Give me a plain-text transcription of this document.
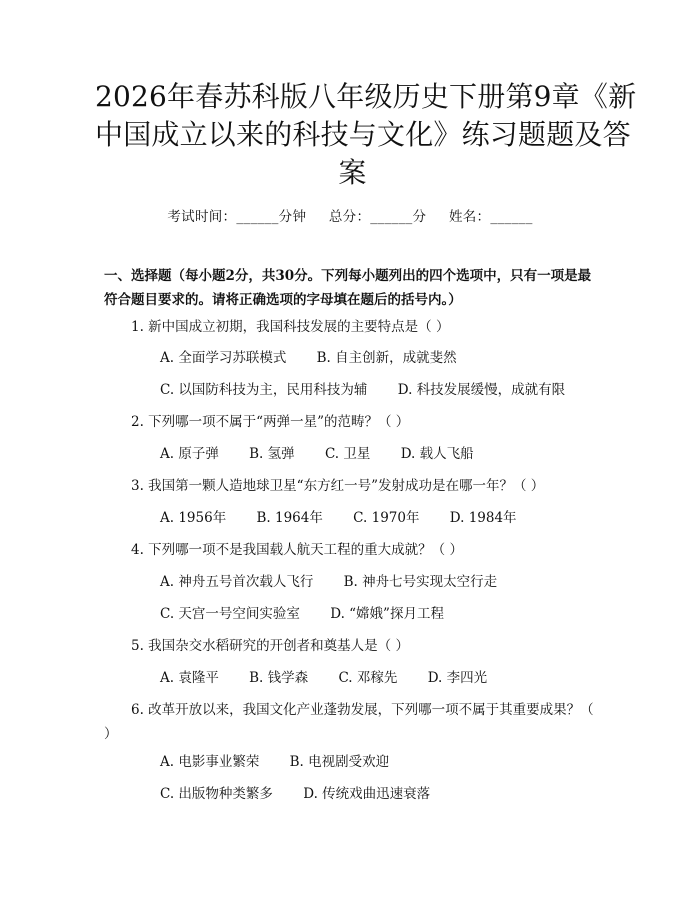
2026年春苏科版八年级历史下册第9章《新
中国成立以来的科技与文化》练习题题及答
案
考试时间：______分钟 总分：______分 姓名：______
一、选择题（每小题2分，共30分。下列每小题列出的四个选项中，只有一项是最符合题目要求的。请将正确选项的字母填在题后的括号内。）
1. 新中国成立初期，我国科技发展的主要特点是（ ）
A. 全面学习苏联模式 B. 自主创新，成就斐然
C. 以国防科技为主，民用科技为辅 D. 科技发展缓慢，成就有限
2. 下列哪一项不属于“两弹一星”的范畴？（ ）
A. 原子弹 B. 氢弹 C. 卫星 D. 载人飞船
3. 我国第一颗人造地球卫星“东方红一号”发射成功是在哪一年？（ ）
A. 1956年 B. 1964年 C. 1970年 D. 1984年
4. 下列哪一项不是我国载人航天工程的重大成就？（ ）
A. 神舟五号首次载人飞行 B. 神舟七号实现太空行走
C. 天宫一号空间实验室 D. “嫦娥”探月工程
5. 我国杂交水稻研究的开创者和奠基人是（ ）
A. 袁隆平 B. 钱学森 C. 邓稼先 D. 李四光
6. 改革开放以来，我国文化产业蓬勃发展，下列哪一项不属于其重要成果？（ ）
A. 电影事业繁荣 B. 电视剧受欢迎
C. 出版物种类繁多 D. 传统戏曲迅速衰落
